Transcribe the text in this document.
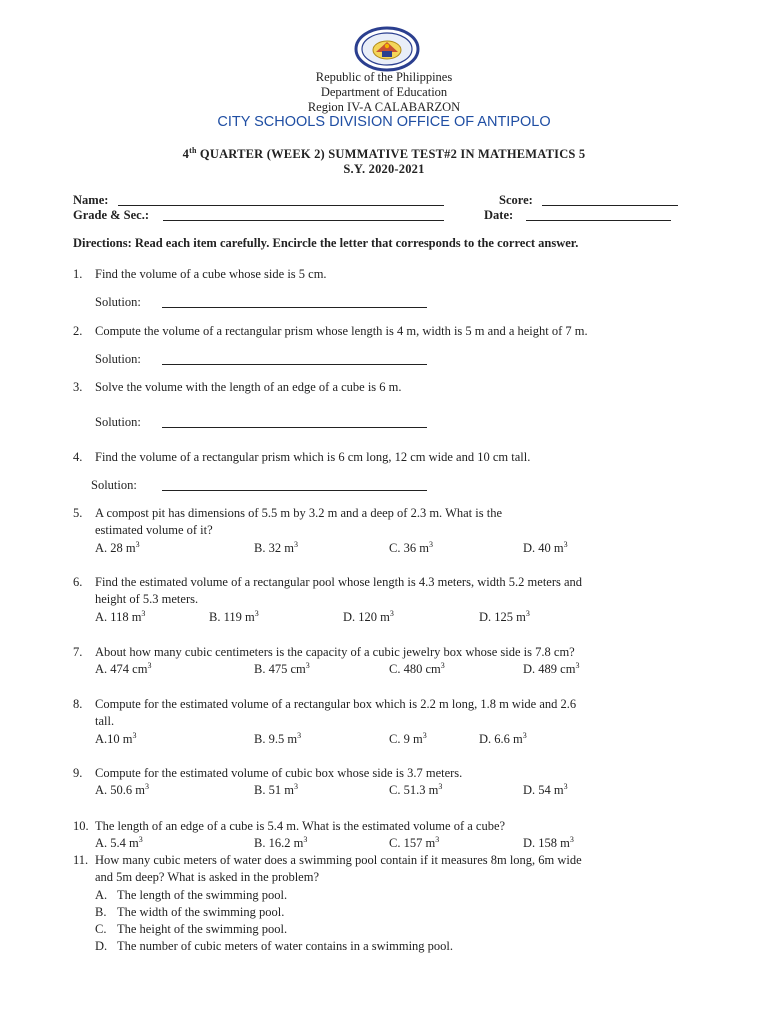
Republic of the Philippines
Department of Education
Region IV-A CALABARZON
CITY SCHOOLS DIVISION OFFICE OF ANTIPOLO
4th QUARTER (WEEK 2) SUMMATIVE TEST#2 IN MATHEMATICS 5
S.Y. 2020-2021
Name:
Grade & Sec.:
Score:
Date:
Directions: Read each item carefully. Encircle the letter that corresponds to the correct answer.
1. Find the volume of a cube whose side is 5 cm.
Solution:
2. Compute the volume of a rectangular prism whose length is 4 m, width is 5 m and a height of 7 m.
Solution:
3. Solve the volume with the length of an edge of a cube is 6 m.
Solution:
4. Find the volume of a rectangular prism which is 6 cm long, 12 cm wide and 10 cm tall.
Solution:
5. A compost pit has dimensions of 5.5 m by 3.2 m and a deep of 2.3 m. What is the
estimated volume of it?
A. 28 $m^3$	B. 32 $m^3$	C. 36 $m^3$	D. 40 $m^3$
6. Find the estimated volume of a rectangular pool whose length is 4.3 meters, width 5.2 meters and
height of 5.3 meters.
A. 118 $m^3$	B. 119 $m^3$	D. 120 $m^3$	D. 125 $m^3$
7. About how many cubic centimeters is the capacity of a cubic jewelry box whose side is 7.8 cm?
A. 474 $cm^3$	B. 475 $cm^3$	C. 480 $cm^3$	D. 489 $cm^3$
8. Compute for the estimated volume of a rectangular box which is 2.2 m long, 1.8 m wide and 2.6
tall.
A.10 $m^3$	B. 9.5 $m^3$	C. 9 $m^3$	D. 6.6 $m^3$
9. Compute for the estimated volume of cubic box whose side is 3.7 meters.
A. 50.6 $m^3$	B. 51 $m^3$	C. 51.3 $m^3$	D. 54 $m^3$
10. The length of an edge of a cube is 5.4 m. What is the estimated volume of a cube?
A. 5.4 $m^3$	B. 16.2 $m^3$	C. 157 $m^3$	D. 158 $m^3$
11. How many cubic meters of water does a swimming pool contain if it measures 8m long, 6m wide
and 5m deep? What is asked in the problem?
A. The length of the swimming pool.
B. The width of the swimming pool.
C. The height of the swimming pool.
D. The number of cubic meters of water contains in a swimming pool.
